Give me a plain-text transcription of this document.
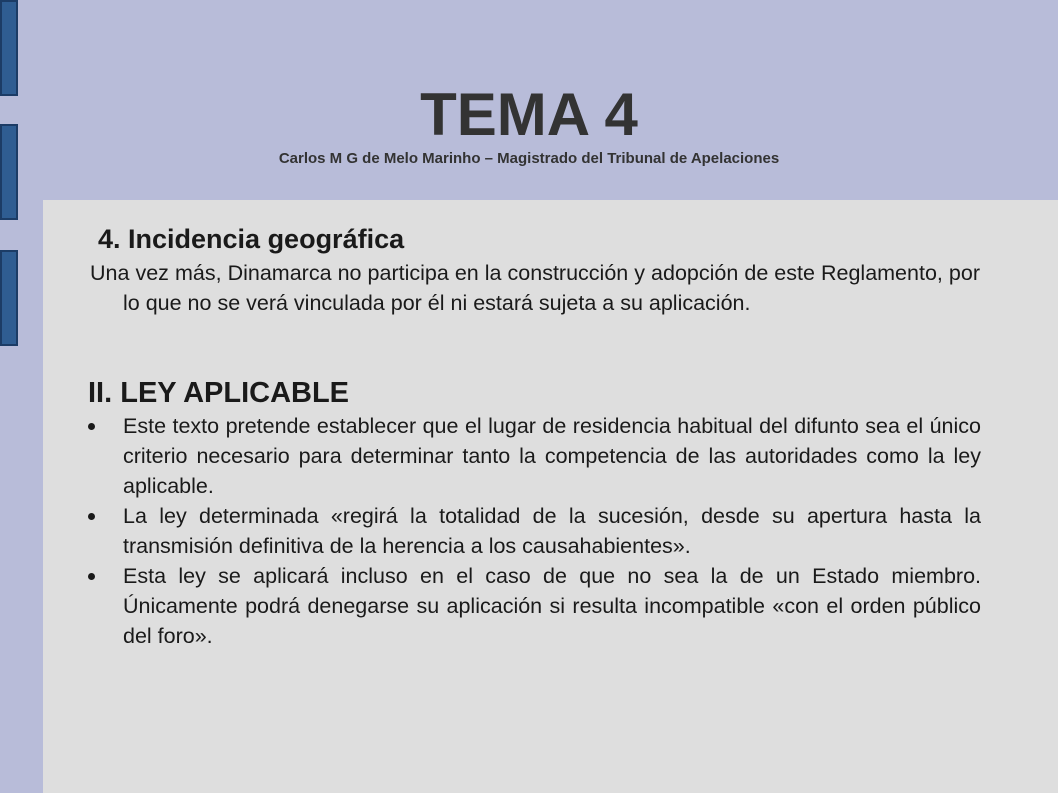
TEMA 4
Carlos M G de Melo Marinho – Magistrado del Tribunal de Apelaciones
4. Incidencia geográfica

Una vez más, Dinamarca no participa en la construcción y adopción de este Reglamento, por lo que no se verá vinculada por él ni estará sujeta a su aplicación.

II. LEY APLICABLE
Este texto pretende establecer que el lugar de residencia habitual del difunto sea el único criterio necesario para determinar tanto la competencia de las autoridades como la ley aplicable.
La ley determinada «regirá la totalidad de la sucesión, desde su apertura hasta la transmisión definitiva de la herencia a los causahabientes».
Esta ley se aplicará incluso en el caso de que no sea la de un Estado miembro. Únicamente podrá denegarse su aplicación si resulta incompatible «con el orden público del foro».
